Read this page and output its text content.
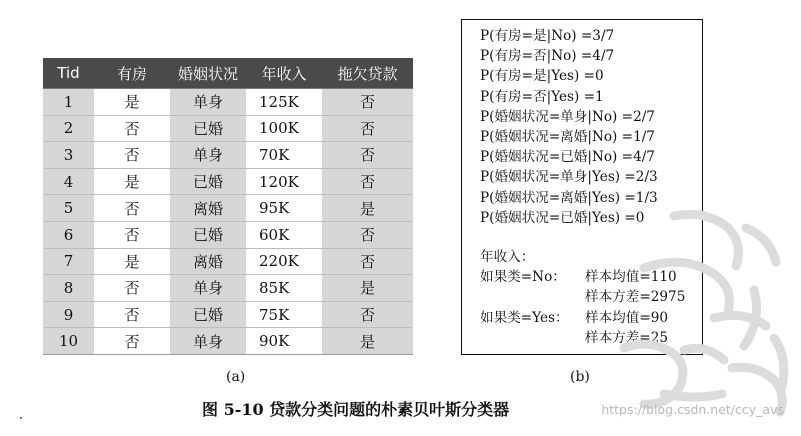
Tid	有房	婚姻状况	年收入	拖欠贷款
1	是	单身	125K	否
2	否	已婚	100K	否
3	否	单身	70K	否
4	是	已婚	120K	否
5	否	离婚	95K	是
6	否	已婚	60K	否
7	是	离婚	220K	否
8	否	单身	85K	是
9	否	已婚	75K	否
10	否	单身	90K	是
P(有房=是|No) =3/7
P(有房=否|No) =4/7
P(有房=是|Yes) =0
P(有房=否|Yes) =1
P(婚姻状况=单身|No) =2/7
P(婚姻状况=离婚|No) =1/7
P(婚姻状况=已婚|No) =4/7
P(婚姻状况=单身|Yes) =2/3
P(婚姻状况=离婚|Yes) =1/3
P(婚姻状况=已婚|Yes) =0
年收入：
如果类=No： 样本均值=110
样本方差=2975
如果类=Yes： 样本均值=90
样本方差=25
(a)	(b)
图 5-10 贷款分类问题的朴素贝叶斯分类器	https://blog.csdn.net/ccy_avs
